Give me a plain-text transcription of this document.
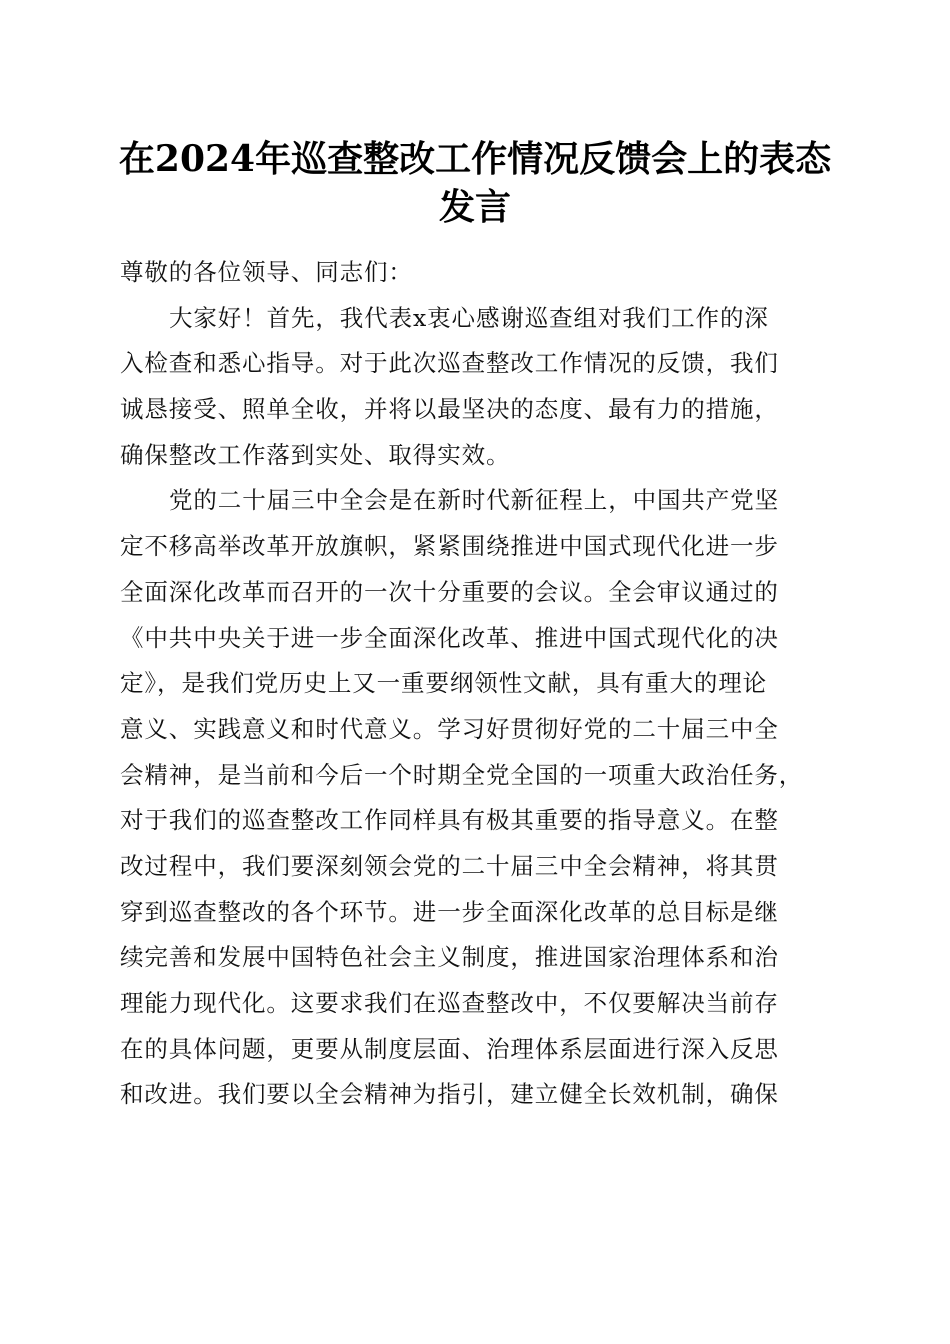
在2024年巡查整改工作情况反馈会上的表态
发言
尊敬的各位领导、同志们：
大家好！首先，我代表x衷心感谢巡查组对我们工作的深
入检查和悉心指导。对于此次巡查整改工作情况的反馈，我们
诚恳接受、照单全收，并将以最坚决的态度、最有力的措施，
确保整改工作落到实处、取得实效。
党的二十届三中全会是在新时代新征程上，中国共产党坚
定不移高举改革开放旗帜，紧紧围绕推进中国式现代化进一步
全面深化改革而召开的一次十分重要的会议。全会审议通过的
《中共中央关于进一步全面深化改革、推进中国式现代化的决
定》，是我们党历史上又一重要纲领性文献，具有重大的理论
意义、实践意义和时代意义。学习好贯彻好党的二十届三中全
会精神，是当前和今后一个时期全党全国的一项重大政治任务，
对于我们的巡查整改工作同样具有极其重要的指导意义。在整
改过程中，我们要深刻领会党的二十届三中全会精神，将其贯
穿到巡查整改的各个环节。进一步全面深化改革的总目标是继
续完善和发展中国特色社会主义制度，推进国家治理体系和治
理能力现代化。这要求我们在巡查整改中，不仅要解决当前存
在的具体问题，更要从制度层面、治理体系层面进行深入反思
和改进。我们要以全会精神为指引，建立健全长效机制，确保
